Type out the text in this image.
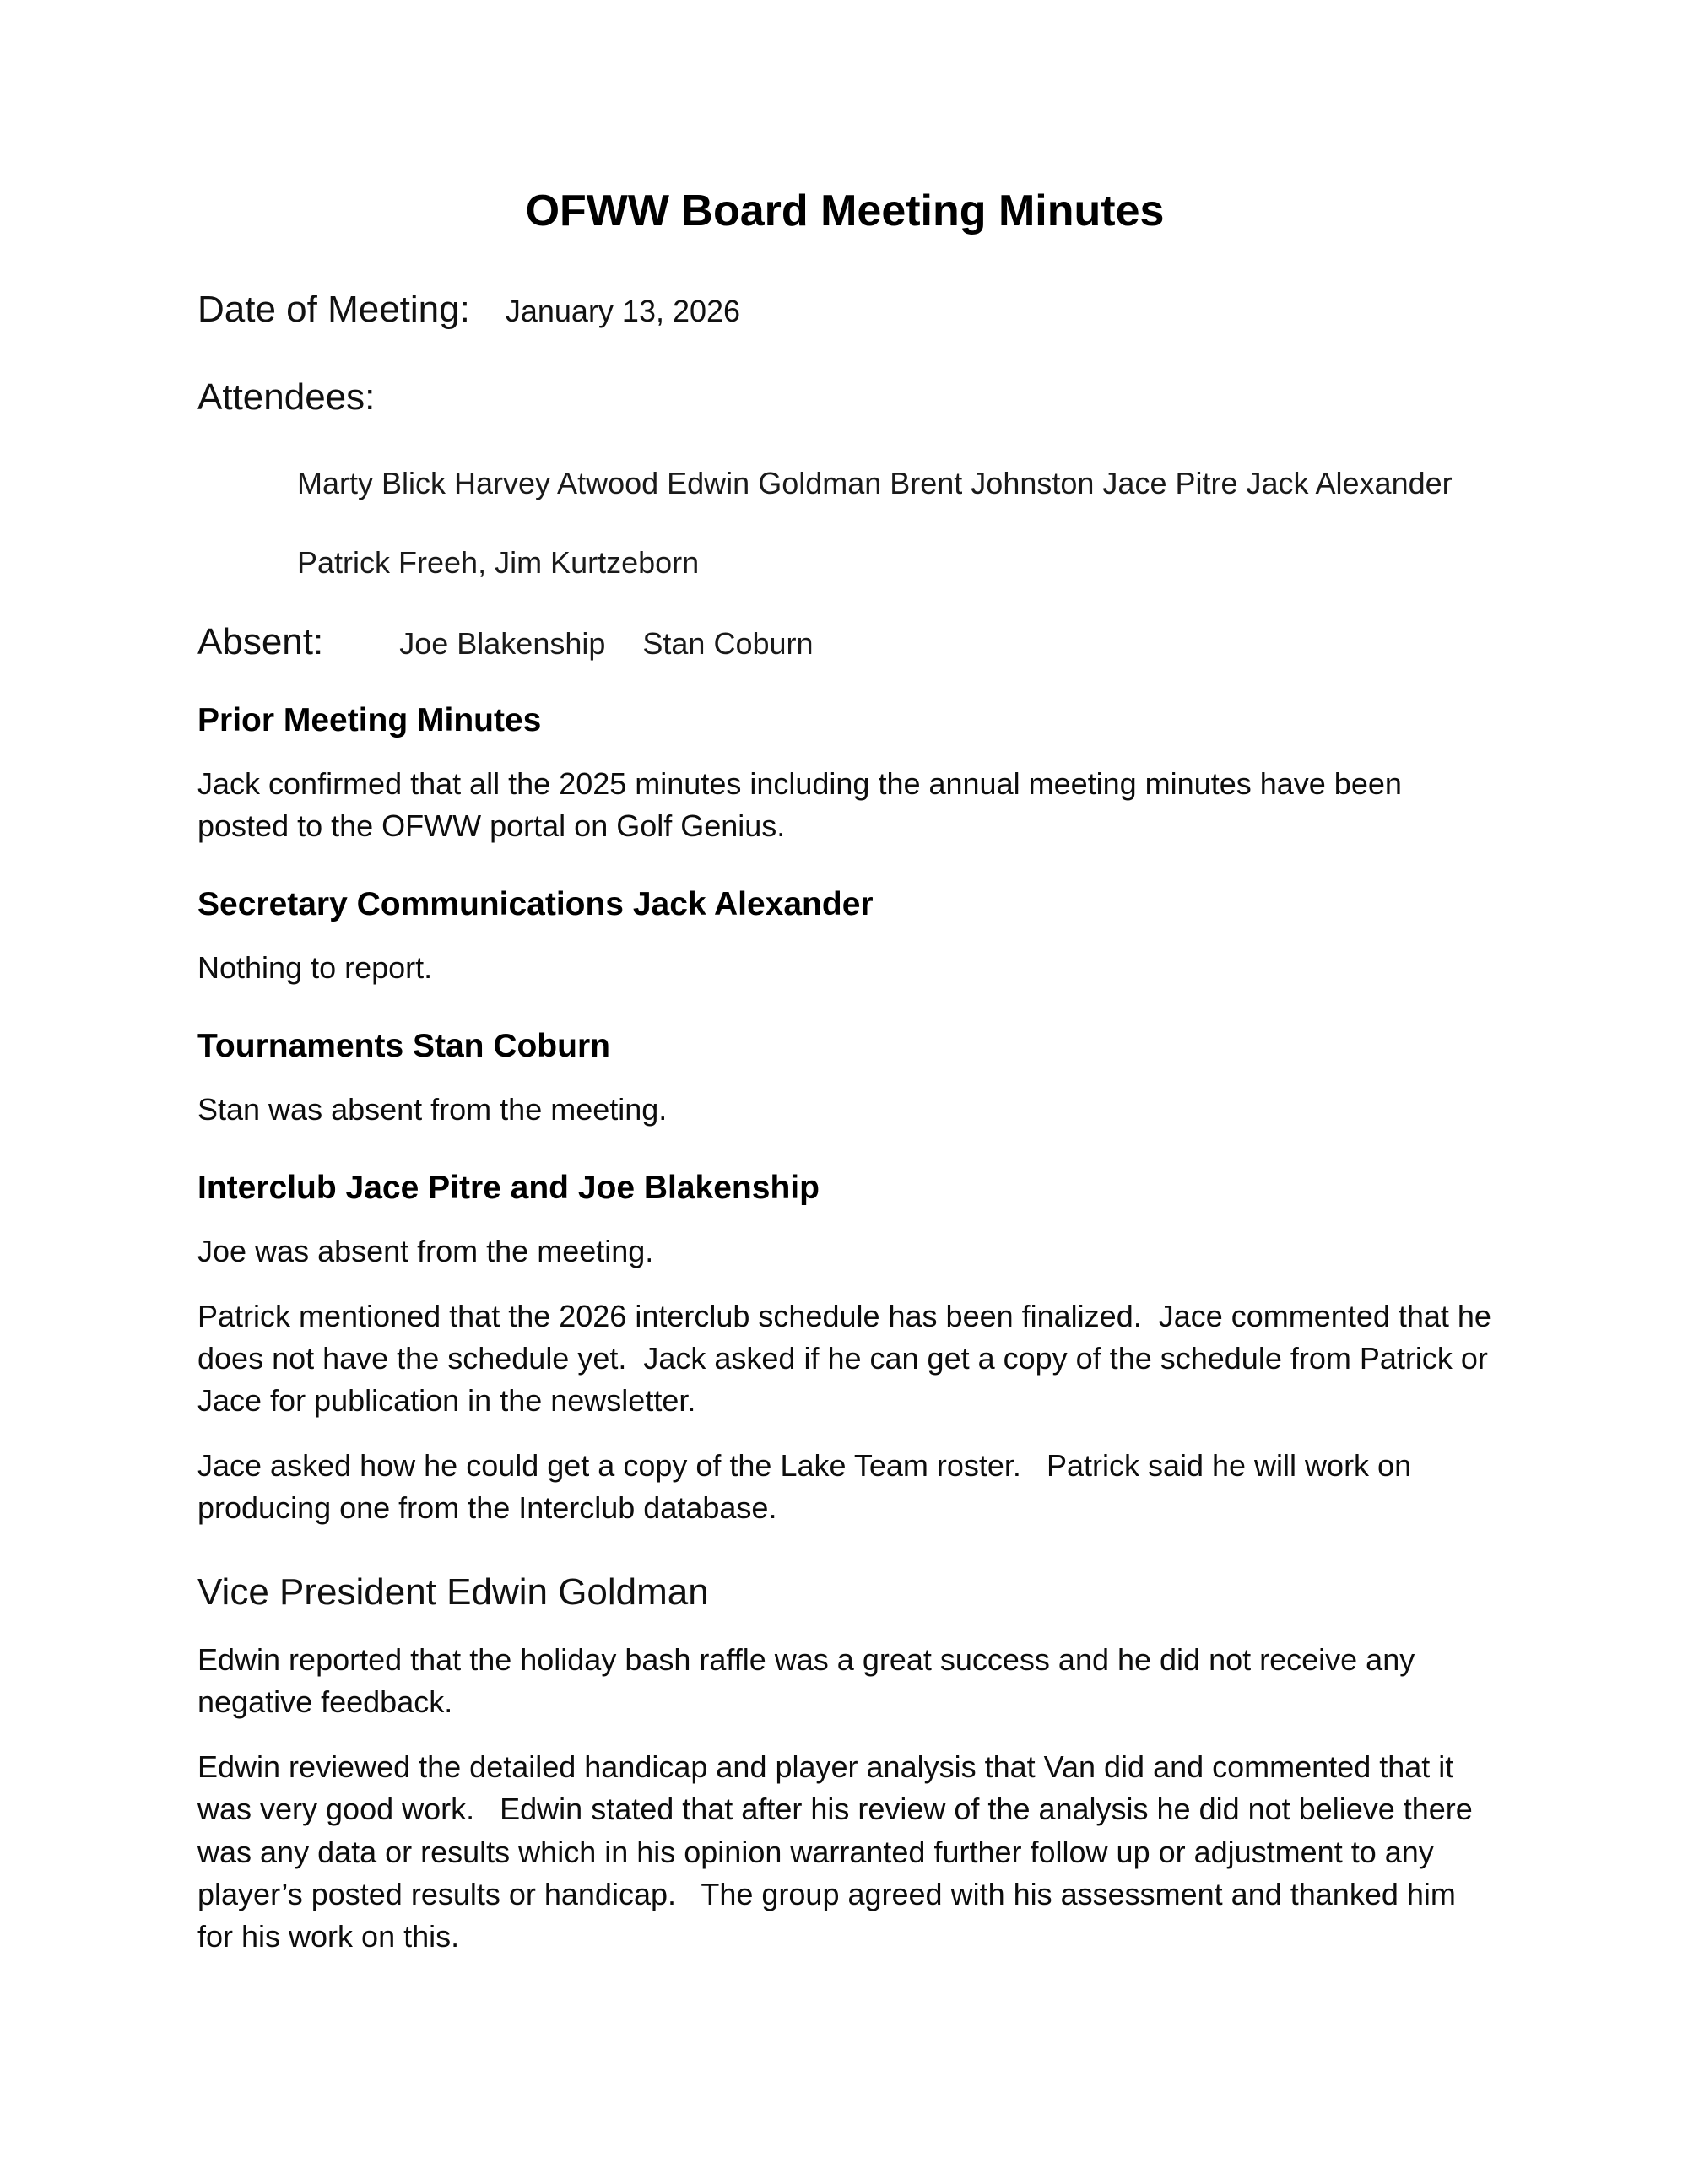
OFWW Board Meeting Minutes
Date of Meeting: January 13, 2026
Attendees:
Marty Blick Harvey Atwood Edwin Goldman Brent Johnston Jace Pitre Jack Alexander
Patrick Freeh, Jim Kurtzeborn
Absent:	Joe Blakenship Stan Coburn
Prior Meeting Minutes
Jack confirmed that all the 2025 minutes including the annual meeting minutes have been posted to the OFWW portal on Golf Genius.
Secretary Communications Jack Alexander
Nothing to report.
Tournaments Stan Coburn
Stan was absent from the meeting.
Interclub Jace Pitre and Joe Blakenship
Joe was absent from the meeting.
Patrick mentioned that the 2026 interclub schedule has been finalized.  Jace commented that he does not have the schedule yet.  Jack asked if he can get a copy of the schedule from Patrick or Jace for publication in the newsletter.
Jace asked how he could get a copy of the Lake Team roster.   Patrick said he will work on producing one from the Interclub database.
Vice President Edwin Goldman
Edwin reported that the holiday bash raffle was a great success and he did not receive any negative feedback.
Edwin reviewed the detailed handicap and player analysis that Van did and commented that it was very good work.   Edwin stated that after his review of the analysis he did not believe there was any data or results which in his opinion warranted further follow up or adjustment to any player’s posted results or handicap.   The group agreed with his assessment and thanked him for his work on this.
